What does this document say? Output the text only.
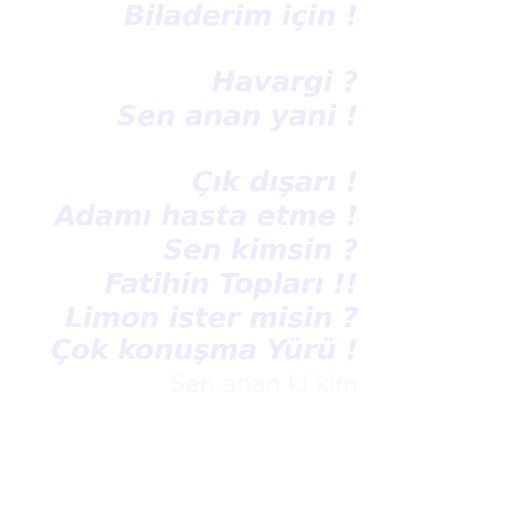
Biladerim için !
Havargi ?
Sen anan yani !
Çık dışarı !
Adamı hasta etme !
Sen kimsin ?
Fatihin Topları !!
Limon ister misin ?
Çok konuşma Yürü !
Sen anan ki kim
